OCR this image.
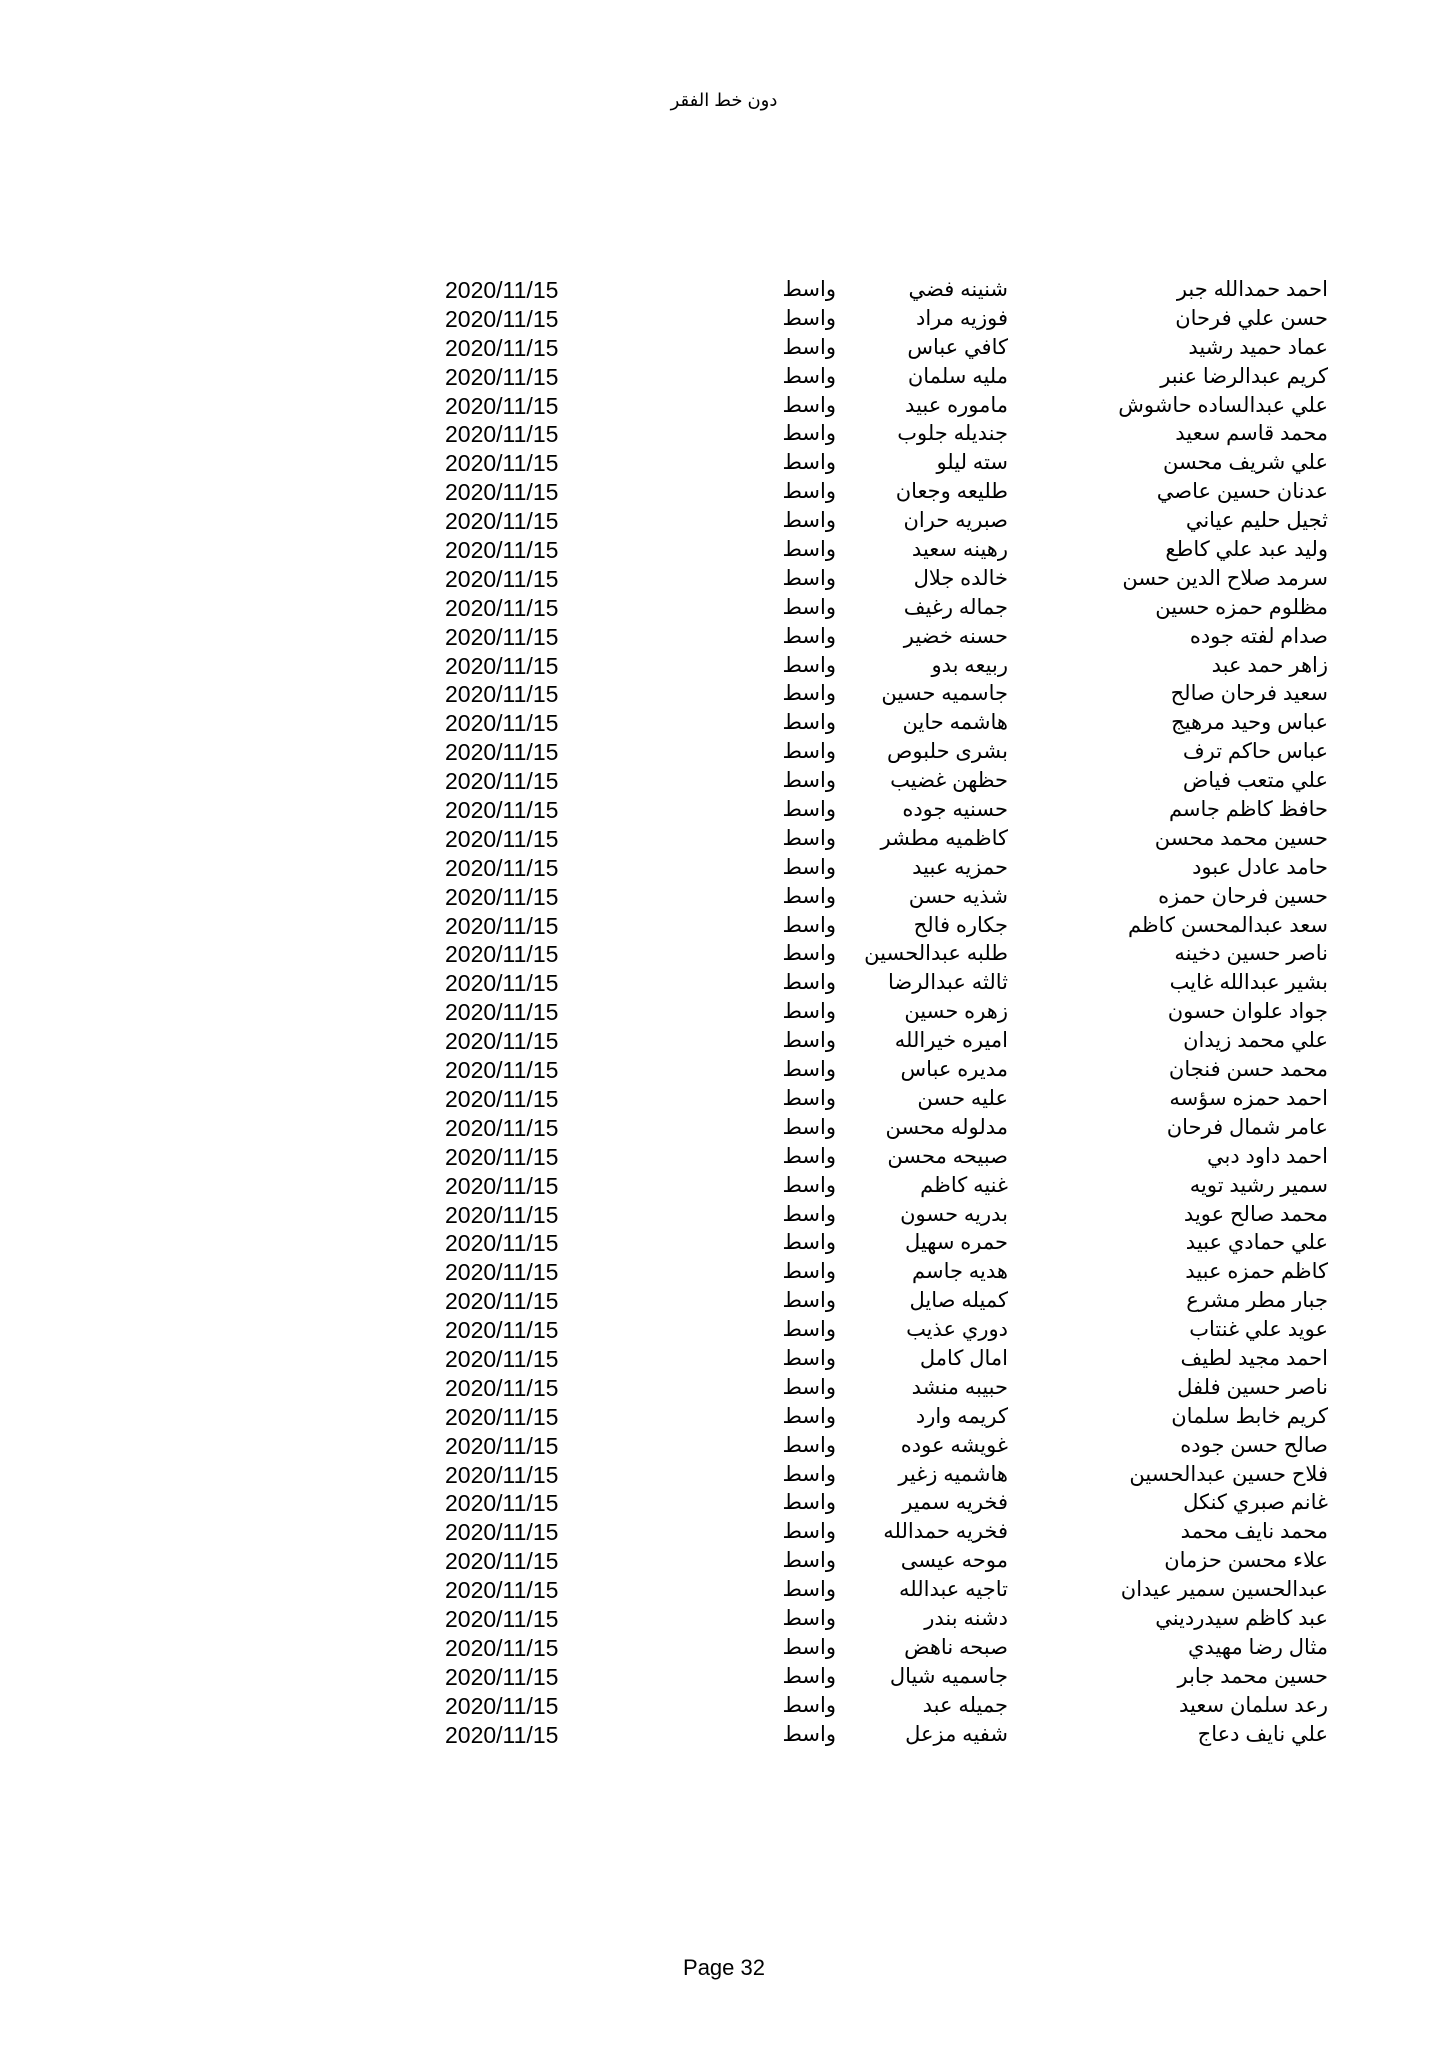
دون خط الفقر
احمد حمدالله جبر
شنينه فضي
واسط
2020/11/15
حسن علي فرحان
فوزيه مراد
واسط
2020/11/15
عماد حميد رشيد
كافي عباس
واسط
2020/11/15
كريم عبدالرضا عنبر
مليه سلمان
واسط
2020/11/15
علي عبدالساده حاشوش
ماموره عبيد
واسط
2020/11/15
محمد قاسم سعيد
جنديله جلوب
واسط
2020/11/15
علي شريف محسن
سته ليلو
واسط
2020/11/15
عدنان حسين عاصي
طليعه وجعان
واسط
2020/11/15
ثجيل حليم عياني
صبريه حران
واسط
2020/11/15
وليد عبد علي كاطع
رهينه سعيد
واسط
2020/11/15
سرمد صلاح الدين حسن
خالده جلال
واسط
2020/11/15
مظلوم حمزه حسين
جماله رغيف
واسط
2020/11/15
صدام لفته جوده
حسنه خضير
واسط
2020/11/15
زاهر حمد عبد
ربيعه بدو
واسط
2020/11/15
سعيد فرحان صالح
جاسميه حسين
واسط
2020/11/15
عباس وحيد مرهيج
هاشمه حاين
واسط
2020/11/15
عباس حاكم ترف
بشرى حلبوص
واسط
2020/11/15
علي متعب فياض
حظهن غضيب
واسط
2020/11/15
حافظ كاظم جاسم
حسنيه جوده
واسط
2020/11/15
حسين محمد محسن
كاظميه مطشر
واسط
2020/11/15
حامد عادل عبود
حمزيه عبيد
واسط
2020/11/15
حسين فرحان حمزه
شذيه حسن
واسط
2020/11/15
سعد عبدالمحسن كاظم
جكاره فالح
واسط
2020/11/15
ناصر حسين دخينه
طلبه عبدالحسين
واسط
2020/11/15
بشير عبدالله غايب
ثالثه عبدالرضا
واسط
2020/11/15
جواد علوان حسون
زهره حسين
واسط
2020/11/15
علي محمد زيدان
اميره خيرالله
واسط
2020/11/15
محمد حسن فنجان
مديره عباس
واسط
2020/11/15
احمد حمزه سؤسه
عليه حسن
واسط
2020/11/15
عامر شمال فرحان
مدلوله محسن
واسط
2020/11/15
احمد داود دبي
صبيحه محسن
واسط
2020/11/15
سمير رشيد تويه
غنيه كاظم
واسط
2020/11/15
محمد صالح عويد
بدريه حسون
واسط
2020/11/15
علي حمادي عبيد
حمره سهيل
واسط
2020/11/15
كاظم حمزه عبيد
هديه جاسم
واسط
2020/11/15
جبار مطر مشرع
كميله صايل
واسط
2020/11/15
عويد علي غنتاب
دوري عذيب
واسط
2020/11/15
احمد مجيد لطيف
امال كامل
واسط
2020/11/15
ناصر حسين فلفل
حبيبه منشد
واسط
2020/11/15
كريم خابط سلمان
كريمه وارد
واسط
2020/11/15
صالح حسن جوده
غويشه عوده
واسط
2020/11/15
فلاح حسين عبدالحسين
هاشميه زغير
واسط
2020/11/15
غانم صبري كنكل
فخريه سمير
واسط
2020/11/15
محمد نايف محمد
فخريه حمدالله
واسط
2020/11/15
علاء محسن حزمان
موحه عيسى
واسط
2020/11/15
عبدالحسين سمير عيدان
تاجيه عبدالله
واسط
2020/11/15
عبد كاظم سيدرديني
دشنه بندر
واسط
2020/11/15
مثال رضا مهيدي
صبحه ناهض
واسط
2020/11/15
حسين محمد جابر
جاسميه شيال
واسط
2020/11/15
رعد سلمان سعيد
جميله عبد
واسط
2020/11/15
علي نايف دعاج
شفيه مزعل
واسط
2020/11/15
Page 32
